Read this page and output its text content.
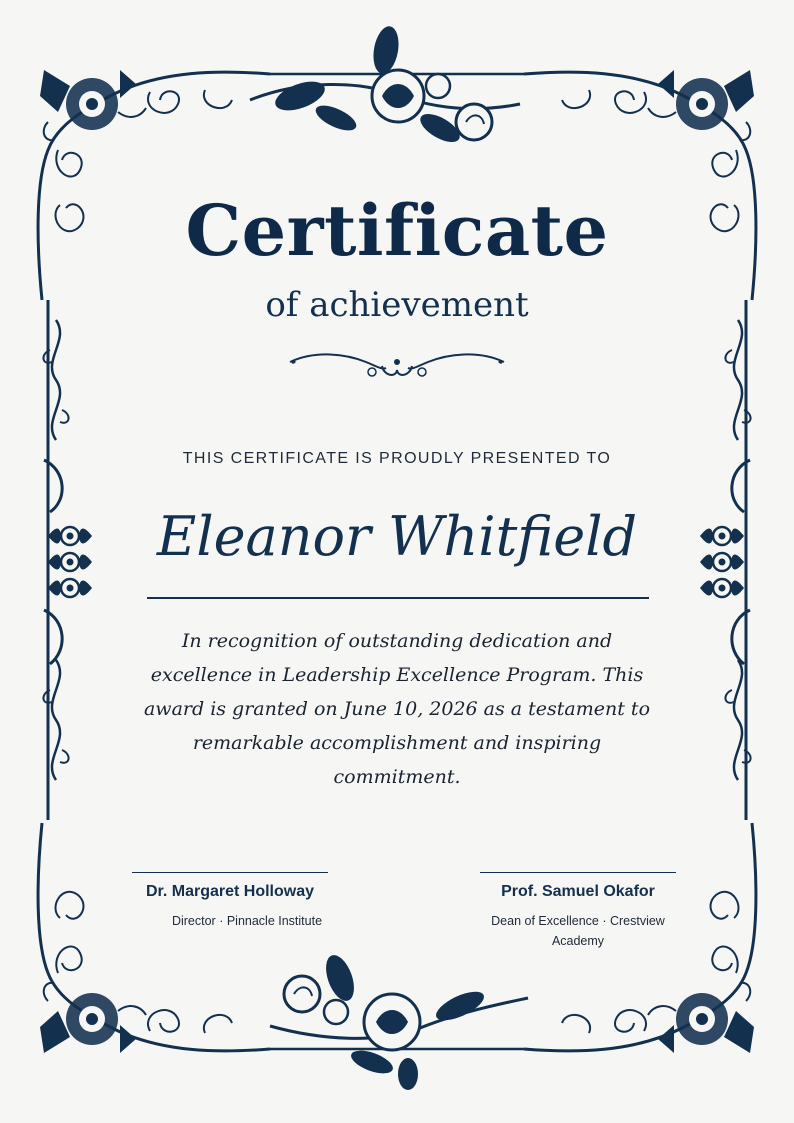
Certificate
of achievement
THIS CERTIFICATE IS PROUDLY PRESENTED TO
Eleanor Whitfield
In recognition of outstanding dedication and excellence in Leadership Excellence Program. This award is granted on June 10, 2026 as a testament to remarkable accomplishment and inspiring commitment.
Dr. Margaret Holloway
Director · Pinnacle Institute
Prof. Samuel Okafor
Dean of Excellence · Crestview Academy
